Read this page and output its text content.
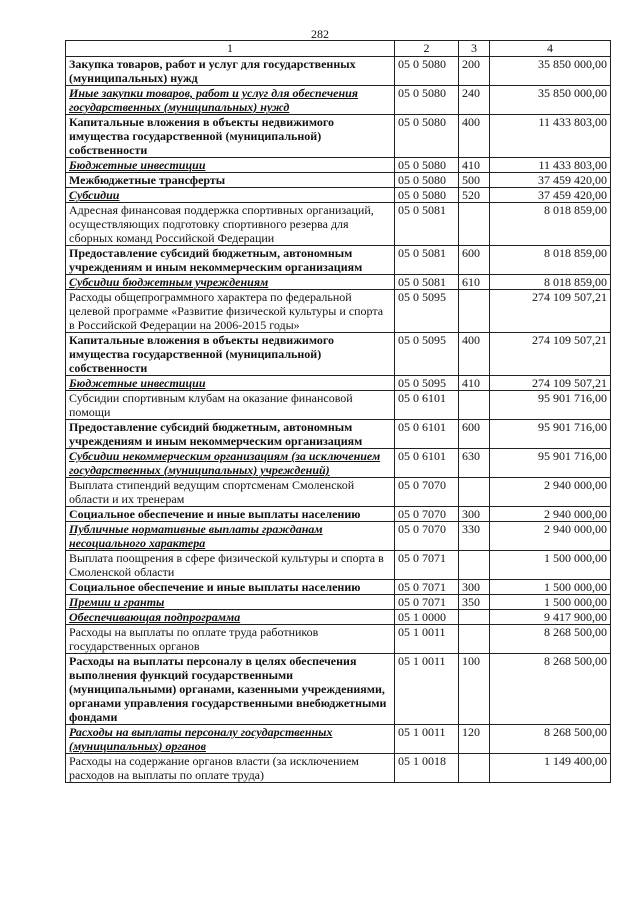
282
1	2	3	4
Закупка товаров, работ и услуг для государственных (муниципальных) нужд	05 0 5080	200	35 850 000,00
Иные закупки товаров, работ и услуг для обеспечения государственных (муниципальных) нужд	05 0 5080	240	35 850 000,00
Капитальные вложения в объекты недвижимого имущества государственной (муниципальной) собственности	05 0 5080	400	11 433 803,00
Бюджетные инвестиции	05 0 5080	410	11 433 803,00
Межбюджетные трансферты	05 0 5080	500	37 459 420,00
Субсидии	05 0 5080	520	37 459 420,00
Адресная финансовая поддержка спортивных организаций, осуществляющих подготовку спортивного резерва для сборных команд Российской Федерации	05 0 5081		8 018 859,00
Предоставление субсидий бюджетным, автономным учреждениям и иным некоммерческим организациям	05 0 5081	600	8 018 859,00
Субсидии бюджетным учреждениям	05 0 5081	610	8 018 859,00
Расходы общепрограммного характера по федеральной целевой программе «Развитие физической культуры и спорта в Российской Федерации на 2006-2015 годы»	05 0 5095		274 109 507,21
Капитальные вложения в объекты недвижимого имущества государственной (муниципальной) собственности	05 0 5095	400	274 109 507,21
Бюджетные инвестиции	05 0 5095	410	274 109 507,21
Субсидии спортивным клубам на оказание финансовой помощи	05 0 6101		95 901 716,00
Предоставление субсидий бюджетным, автономным учреждениям и иным некоммерческим организациям	05 0 6101	600	95 901 716,00
Субсидии некоммерческим организациям (за исключением государственных (муниципальных) учреждений)	05 0 6101	630	95 901 716,00
Выплата стипендий ведущим спортсменам Смоленской области и их тренерам	05 0 7070		2 940 000,00
Социальное обеспечение и иные выплаты населению	05 0 7070	300	2 940 000,00
Публичные нормативные выплаты гражданам несоциального характера	05 0 7070	330	2 940 000,00
Выплата поощрения в сфере физической культуры и спорта в Смоленской области	05 0 7071		1 500 000,00
Социальное обеспечение и иные выплаты населению	05 0 7071	300	1 500 000,00
Премии и гранты	05 0 7071	350	1 500 000,00
Обеспечивающая подпрограмма	05 1 0000		9 417 900,00
Расходы на выплаты по оплате труда работников государственных органов	05 1 0011		8 268 500,00
Расходы на выплаты персоналу в целях обеспечения выполнения функций государственными (муниципальными) органами, казенными учреждениями, органами управления государственными внебюджетными фондами	05 1 0011	100	8 268 500,00
Расходы на выплаты персоналу государственных (муниципальных) органов	05 1 0011	120	8 268 500,00
Расходы на содержание органов власти (за исключением расходов на выплаты по оплате труда)	05 1 0018		1 149 400,00
